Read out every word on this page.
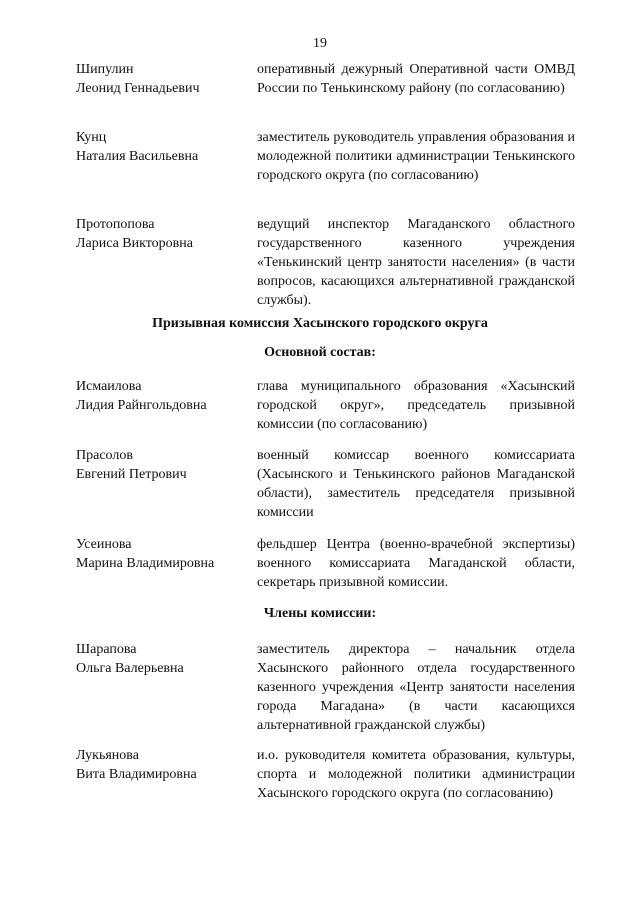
19
Шипулин
Леонид Геннадьевич
оперативный дежурный Оперативной части ОМВД России по Тенькинскому району (по согласованию)
Кунц
Наталия Васильевна
заместитель руководитель управления образования и молодежной политики администрации Тенькинского городского округа (по согласованию)
Протопопова
Лариса Викторовна
ведущий инспектор Магаданского областного государственного казенного учреждения «Тенькинский центр занятости населения» (в части вопросов, касающихся альтернативной гражданской службы).
Призывная комиссия Хасынского городского округа
Основной состав:
Исмаилова
Лидия Райнгольдовна
глава муниципального образования «Хасынский городской округ», председатель призывной комиссии (по согласованию)
Прасолов
Евгений Петрович
военный комиссар военного комиссариата (Хасынского и Тенькинского районов Магаданской области), заместитель председателя призывной комиссии
Усеинова
Марина Владимировна
фельдшер Центра (военно-врачебной экспертизы) военного комиссариата Магаданской области, секретарь призывной комиссии.
Члены комиссии:
Шарапова
Ольга Валерьевна
заместитель директора – начальник отдела Хасынского районного отдела государственного казенного учреждения «Центр занятости населения города Магадана» (в части касающихся альтернативной гражданской службы)
Лукьянова
Вита Владимировна
и.о. руководителя комитета образования, культуры, спорта и молодежной политики администрации Хасынского городского округа (по согласованию)
